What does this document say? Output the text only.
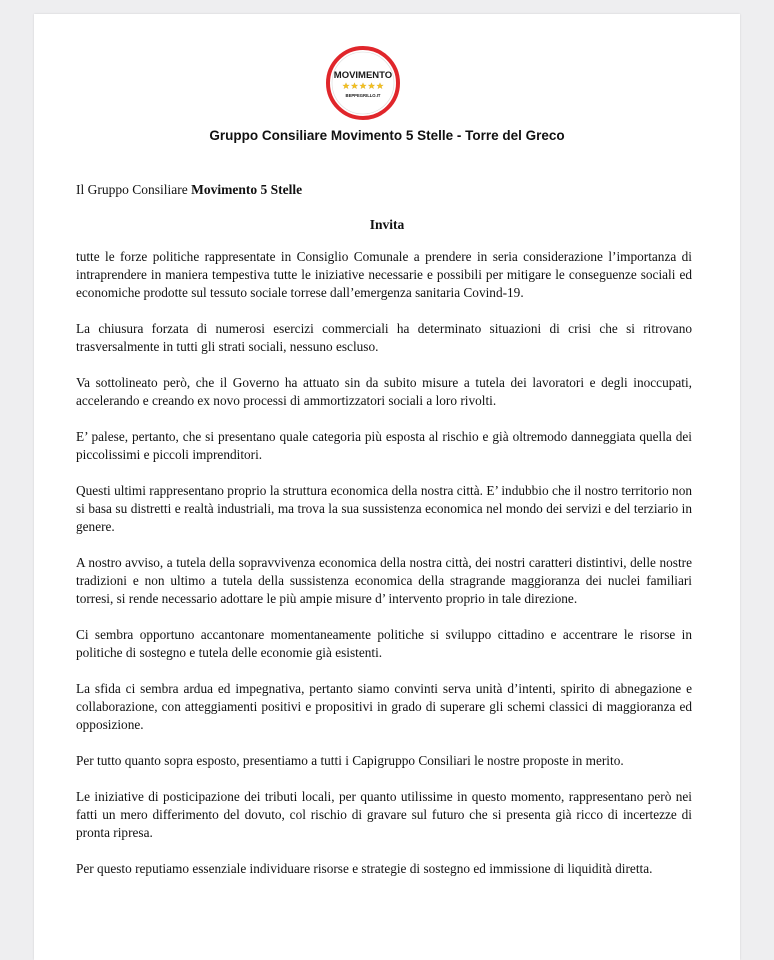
MOVIMENTO
BEPPEGRILLO.IT
Gruppo Consiliare Movimento 5 Stelle - Torre del Greco
Il Gruppo Consiliare Movimento 5 Stelle
Invita

tutte le forze politiche rappresentate in Consiglio Comunale a prendere in seria considerazione l’importanza di intraprendere in maniera tempestiva tutte le iniziative necessarie e possibili per mitigare le conseguenze sociali ed economiche prodotte sul tessuto sociale torrese dall’emergenza sanitaria Covind-19.

La chiusura forzata di numerosi esercizi commerciali ha determinato situazioni di crisi che si ritrovano trasversalmente in tutti gli strati sociali, nessuno escluso.

Va sottolineato però, che il Governo ha attuato sin da subito misure a tutela dei lavoratori e degli inoccupati, accelerando e creando ex novo processi di ammortizzatori sociali a loro rivolti.

E’ palese, pertanto, che si presentano quale categoria più esposta al rischio e già oltremodo danneggiata quella dei piccolissimi e piccoli imprenditori.

Questi ultimi rappresentano proprio la struttura economica della nostra città. E’ indubbio che il nostro territorio non si basa su distretti e realtà industriali, ma trova la sua sussistenza economica nel mondo dei servizi e del terziario in genere.

A nostro avviso, a tutela della sopravvivenza economica della nostra città, dei nostri caratteri distintivi, delle nostre tradizioni e non ultimo a tutela della sussistenza economica della stragrande maggioranza dei nuclei familiari torresi, si rende necessario adottare le più ampie misure d’ intervento proprio in tale direzione.

Ci sembra opportuno accantonare momentaneamente politiche si sviluppo cittadino e accentrare le risorse in politiche di sostegno e tutela delle economie già esistenti.

La sfida ci sembra ardua ed impegnativa, pertanto siamo convinti serva unità d’intenti, spirito di abnegazione e collaborazione, con atteggiamenti positivi e propositivi in grado di superare gli schemi classici di maggioranza ed opposizione.

Per tutto quanto sopra esposto, presentiamo a tutti i Capigruppo Consiliari le nostre proposte in merito.

Le iniziative di posticipazione dei tributi locali, per quanto utilissime in questo momento, rappresentano però nei fatti un mero differimento del dovuto, col rischio di gravare sul futuro che si presenta già ricco di incertezze di pronta ripresa.

Per questo reputiamo essenziale individuare risorse e strategie di sostegno ed immissione di liquidità diretta.
